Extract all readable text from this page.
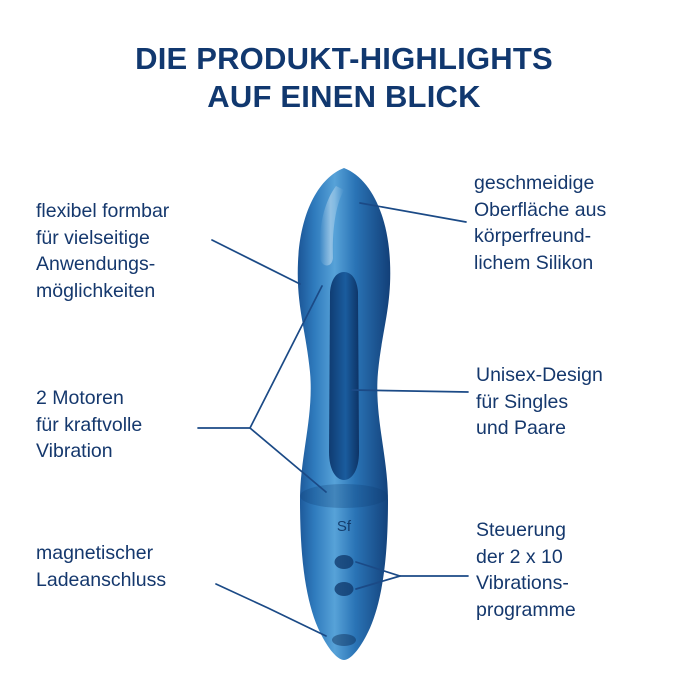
DIE PRODUKT-HIGHLIGHTS
AUF EINEN BLICK
Sf
geschmeidige
Oberfläche aus
körperfreund-
lichem Silikon
Unisex-Design
für Singles
und Paare
Steuerung
der 2 x 10
Vibrations-
programme
flexibel formbar
für vielseitige
Anwendungs-
möglichkeiten
2 Motoren
für kraftvolle
Vibration
magnetischer
Ladeanschluss
